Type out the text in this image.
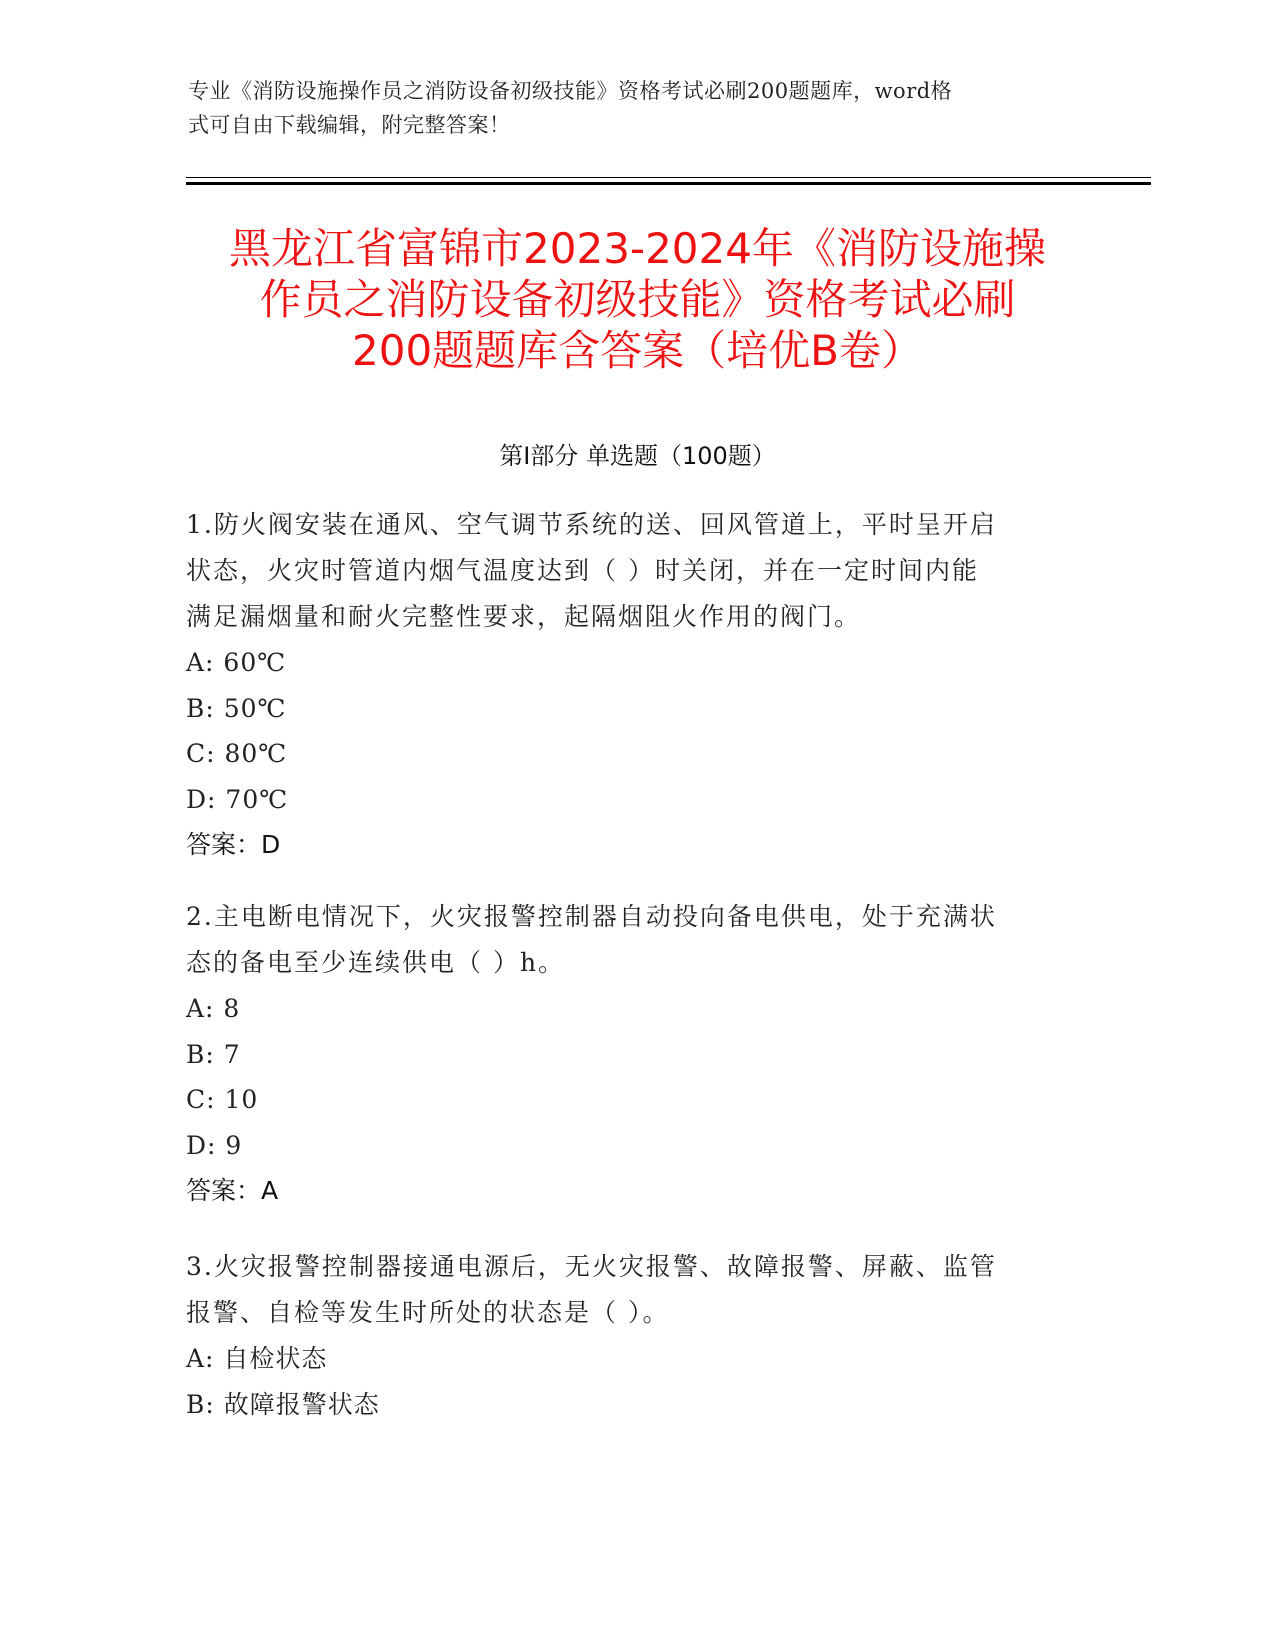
专业《消防设施操作员之消防设备初级技能》资格考试必刷200题题库，word格
式可自由下载编辑，附完整答案！
黑龙江省富锦市2023-2024年《消防设施操
作员之消防设备初级技能》资格考试必刷
200题题库含答案（培优B卷）
第Ⅰ部分 单选题（100题）
1.防火阀安装在通风、空气调节系统的送、回风管道上，平时呈开启
状态，火灾时管道内烟气温度达到（ ）时关闭，并在一定时间内能
满足漏烟量和耐火完整性要求，起隔烟阻火作用的阀门。
A: 60℃
B: 50℃
C: 80℃
D: 70℃
答案：D
2.主电断电情况下，火灾报警控制器自动投向备电供电，处于充满状
态的备电至少连续供电（ ）h。
A: 8
B: 7
C: 10
D: 9
答案：A
3.火灾报警控制器接通电源后，无火灾报警、故障报警、屏蔽、监管
报警、自检等发生时所处的状态是（ ）。
A: 自检状态
B: 故障报警状态
